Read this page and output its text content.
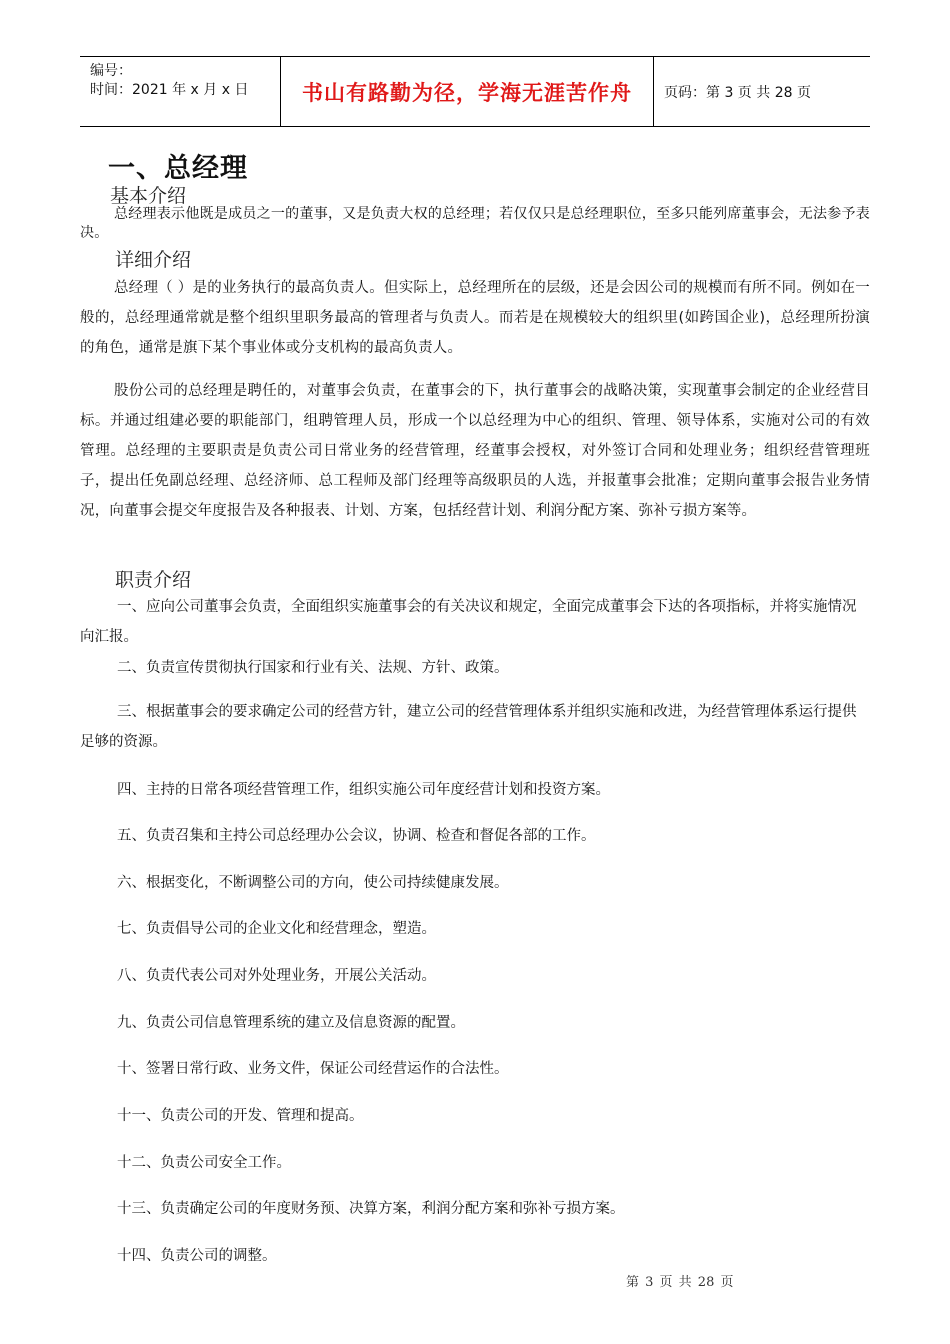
编号：
时间：2021 年 x 月 x 日	书山有路勤为径，学海无涯苦作舟	页码：第 3 页 共 28 页
一、总经理
基本介绍
总经理表示他既是成员之一的董事，又是负责大权的总经理；若仅仅只是总经理职位，至多只能列席董事会，无法参予表决。
详细介绍
总经理（ ）是的业务执行的最高负责人。但实际上，总经理所在的层级，还是会因公司的规模而有所不同。例如在一般的，总经理通常就是整个组织里职务最高的管理者与负责人。而若是在规模较大的组织里(如跨国企业)，总经理所扮演的角色，通常是旗下某个事业体或分支机构的最高负责人。
股份公司的总经理是聘任的，对董事会负责，在董事会的下，执行董事会的战略决策，实现董事会制定的企业经营目标。并通过组建必要的职能部门，组聘管理人员，形成一个以总经理为中心的组织、管理、领导体系，实施对公司的有效管理。总经理的主要职责是负责公司日常业务的经营管理，经董事会授权，对外签订合同和处理业务；组织经营管理班子，提出任免副总经理、总经济师、总工程师及部门经理等高级职员的人选，并报董事会批准；定期向董事会报告业务情况，向董事会提交年度报告及各种报表、计划、方案，包括经营计划、利润分配方案、弥补亏损方案等。
职责介绍
一、应向公司董事会负责，全面组织实施董事会的有关决议和规定，全面完成董事会下达的各项指标，并将实施情况向汇报。
二、负责宣传贯彻执行国家和行业有关、法规、方针、政策。
三、根据董事会的要求确定公司的经营方针，建立公司的经营管理体系并组织实施和改进，为经营管理体系运行提供足够的资源。
四、主持的日常各项经营管理工作，组织实施公司年度经营计划和投资方案。
五、负责召集和主持公司总经理办公会议，协调、检查和督促各部的工作。
六、根据变化，不断调整公司的方向，使公司持续健康发展。
七、负责倡导公司的企业文化和经营理念，塑造。
八、负责代表公司对外处理业务，开展公关活动。
九、负责公司信息管理系统的建立及信息资源的配置。
十、签署日常行政、业务文件，保证公司经营运作的合法性。
十一、负责公司的开发、管理和提高。
十二、负责公司安全工作。
十三、负责确定公司的年度财务预、决算方案，利润分配方案和弥补亏损方案。
十四、负责公司的调整。
第 3 页 共 28 页
